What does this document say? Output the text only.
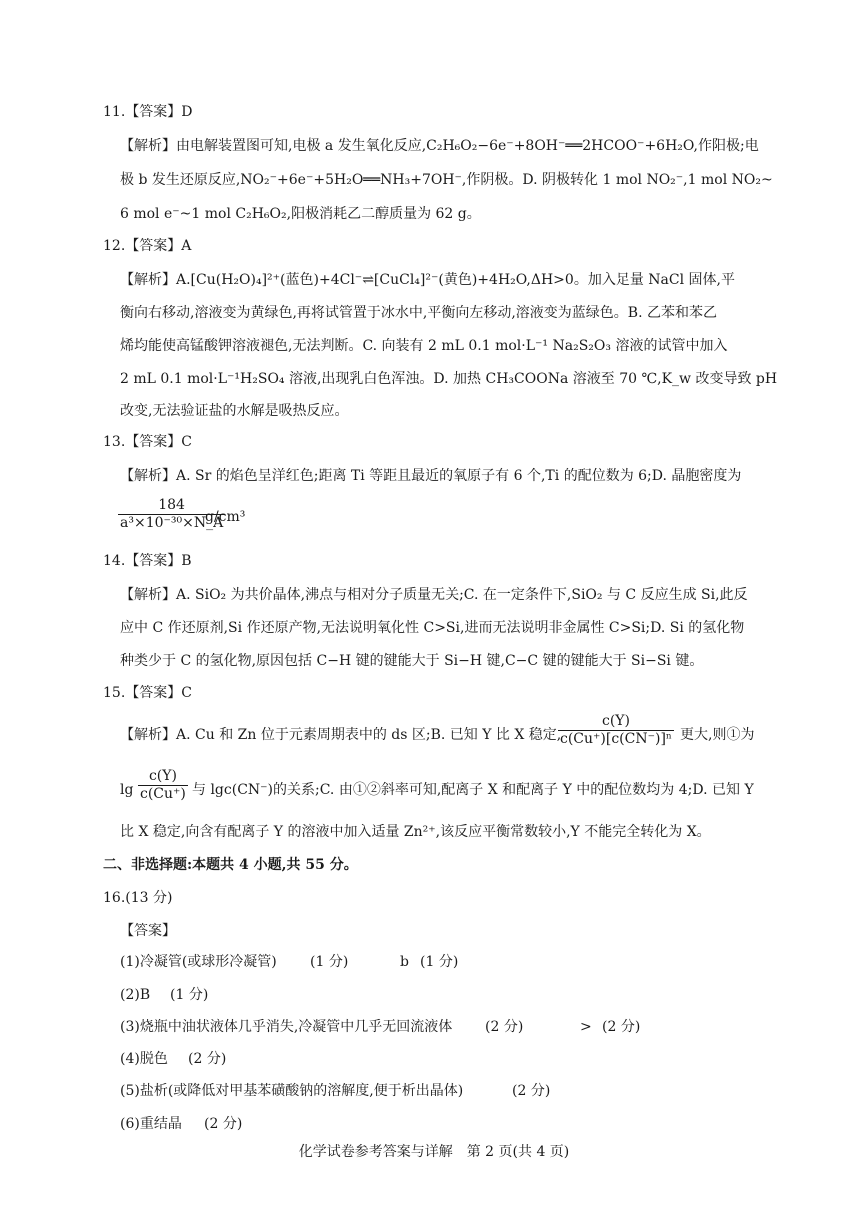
11.【答案】D
【解析】由电解装置图可知,电极 a 发生氧化反应,C₂H₆O₂−6e⁻+8OH⁻══2HCOO⁻+6H₂O,作阳极;电
极 b 发生还原反应,NO₂⁻+6e⁻+5H₂O══NH₃+7OH⁻,作阴极。D. 阴极转化 1 mol NO₂⁻,1 mol NO₂~
6 mol e⁻~1 mol C₂H₆O₂,阳极消耗乙二醇质量为 62 g。
12.【答案】A
【解析】A.[Cu(H₂O)₄]²⁺(蓝色)+4Cl⁻⇌[CuCl₄]²⁻(黄色)+4H₂O,ΔH>0。加入足量 NaCl 固体,平
衡向右移动,溶液变为黄绿色,再将试管置于冰水中,平衡向左移动,溶液变为蓝绿色。B. 乙苯和苯乙
烯均能使高锰酸钾溶液褪色,无法判断。C. 向装有 2 mL 0.1 mol·L⁻¹ Na₂S₂O₃ 溶液的试管中加入
2 mL 0.1 mol·L⁻¹H₂SO₄ 溶液,出现乳白色浑浊。D. 加热 CH₃COONa 溶液至 70 ℃,K_w 改变导致 pH
改变,无法验证盐的水解是吸热反应。
13.【答案】C
【解析】A. Sr 的焰色呈洋红色;距离 Ti 等距且最近的氧原子有 6 个,Ti 的配位数为 6;D. 晶胞密度为
$\frac{184}{\text{a³×10⁻³⁰×N\_A}}$
g/cm³
14.【答案】B
【解析】A. SiO₂ 为共价晶体,沸点与相对分子质量无关;C. 在一定条件下,SiO₂ 与 C 反应生成 Si,此反
应中 C 作还原剂,Si 作还原产物,无法说明氧化性 C>Si,进而无法说明非金属性 C>Si;D. Si 的氢化物
种类少于 C 的氢化物,原因包括 C−H 键的键能大于 Si−H 键,C−C 键的键能大于 Si−Si 键。
15.【答案】C
【解析】A. Cu 和 Zn 位于元素周期表中的 ds 区;B. 已知 Y 比 X 稳定,
$\frac{c(Y)}{\text{c(Cu⁺)[c(CN⁻)]ⁿ}}$ 更大,则①为
$\lg \frac{c(Y)}{c(Cu^+)}$ 与 lgc(CN⁻)的关系;C. 由①②斜率可知,配离子 X 和配离子 Y 中的配位数均为 4;D. 已知 Y
比 X 稳定,向含有配离子 Y 的溶液中加入适量 Zn²⁺,该反应平衡常数较小,Y 不能完全转化为 X。
二、非选择题:本题共 4 小题,共 55 分。
16.(13 分)
【答案】
(1)冷凝管(或球形冷凝管) (1 分)	b (1 分)
(2)B (1 分)
(3)烧瓶中油状液体几乎消失,冷凝管中几乎无回流液体 (2 分)	> (2 分)
(4)脱色 (2 分)
(5)盐析(或降低对甲基苯磺酸钠的溶解度,便于析出晶体)	(2 分)
(6)重结晶 (2 分)
化学试卷参考答案与详解　第 2 页(共 4 页)
